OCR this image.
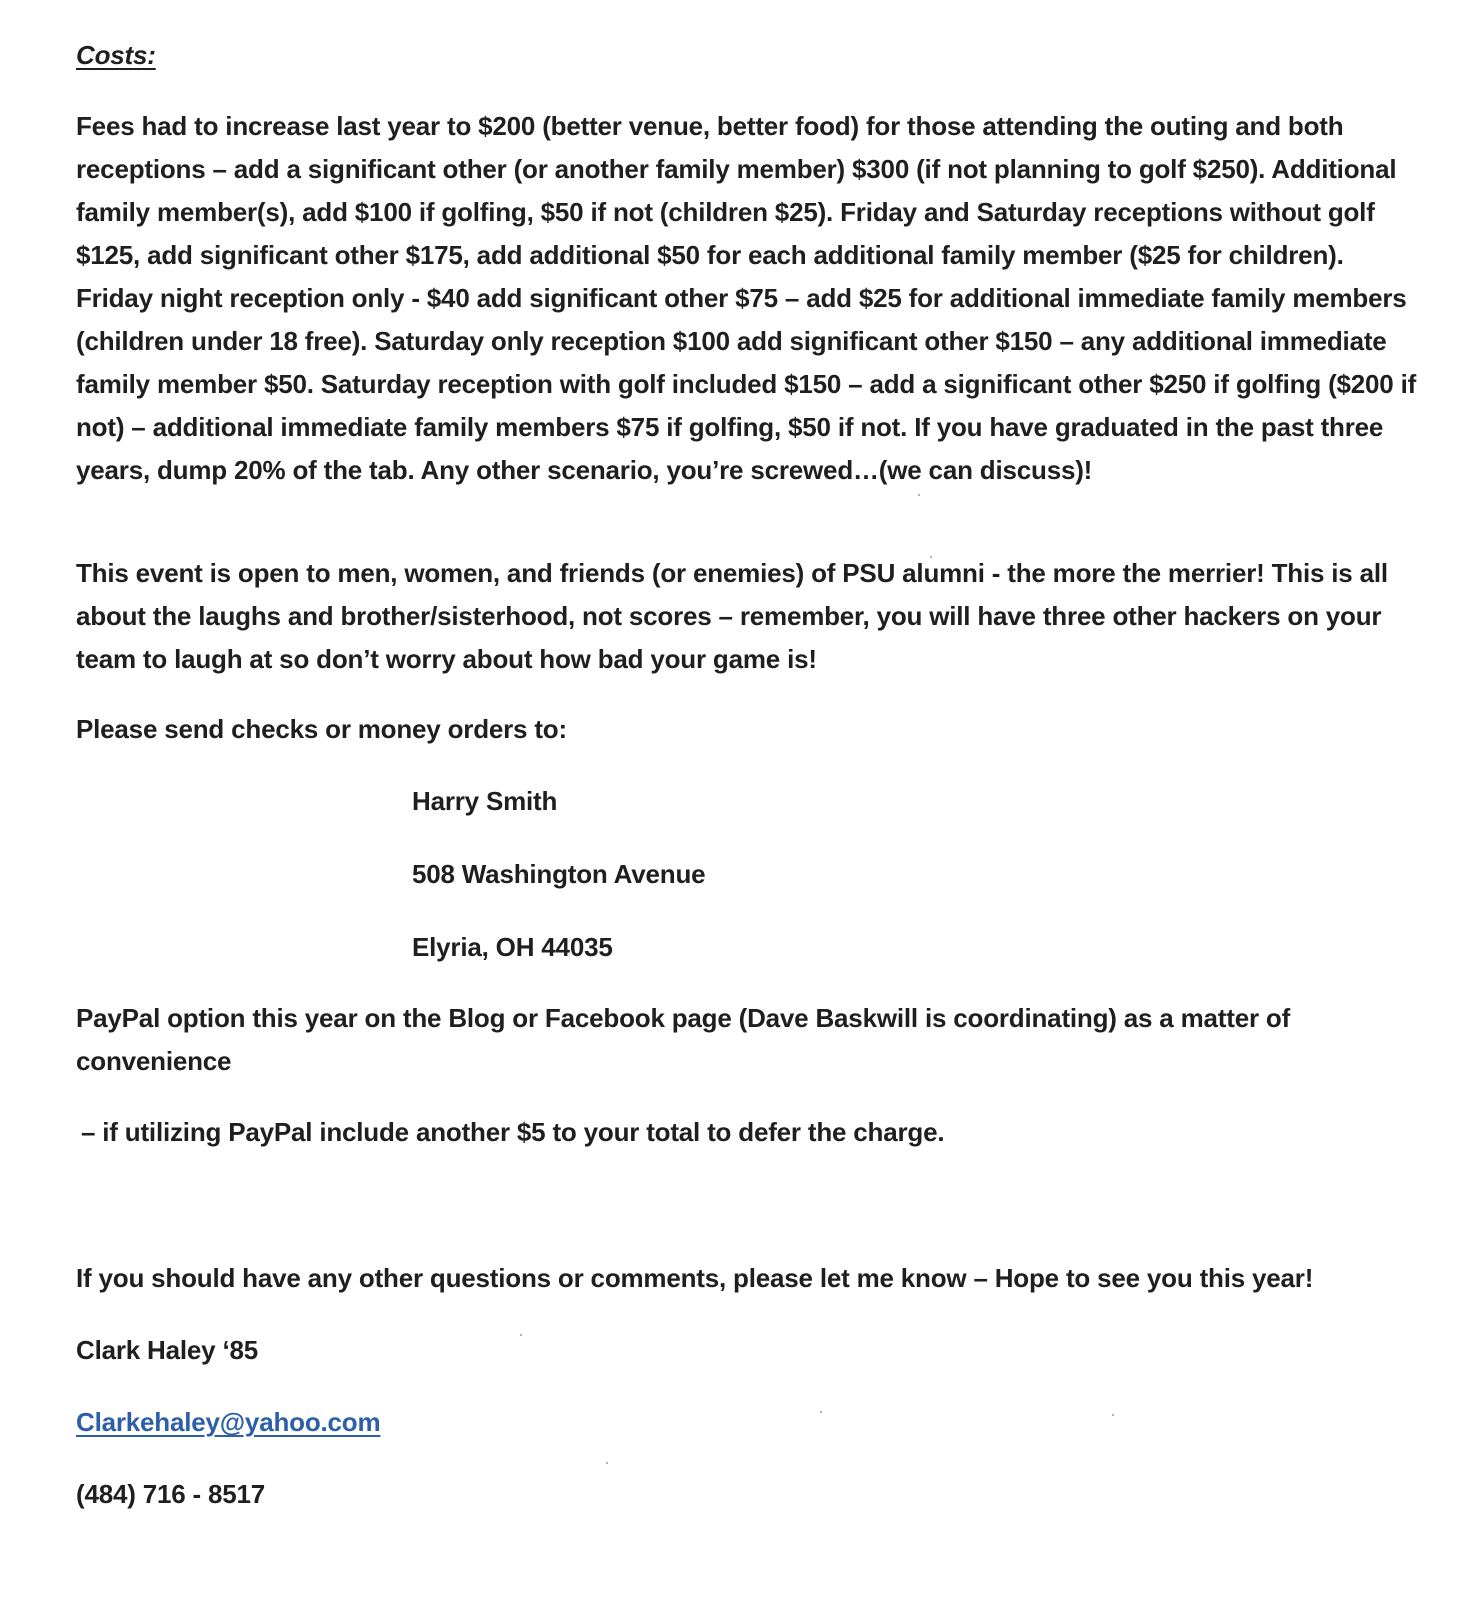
Costs:

Fees had to increase last year to $200 (better venue, better food) for those attending the outing and both receptions – add a significant other (or another family member) $300 (if not planning to golf $250). Additional family member(s), add $100 if golfing, $50 if not (children $25). Friday and Saturday receptions without golf $125, add significant other $175, add additional $50 for each additional family member ($25 for children). Friday night reception only - $40 add significant other $75 – add $25 for additional immediate family members (children under 18 free). Saturday only reception $100 add significant other $150 – any additional immediate family member $50. Saturday reception with golf included $150 – add a significant other $250 if golfing ($200 if not) – additional immediate family members $75 if golfing, $50 if not. If you have graduated in the past three years, dump 20% of the tab. Any other scenario, you’re screwed…(we can discuss)!

This event is open to men, women, and friends (or enemies) of PSU alumni - the more the merrier! This is all about the laughs and brother/sisterhood, not scores – remember, you will have three other hackers on your team to laugh at so don’t worry about how bad your game is!

Please send checks or money orders to:

Harry Smith

508 Washington Avenue

Elyria, OH 44035

PayPal option this year on the Blog or Facebook page (Dave Baskwill is coordinating) as a matter of convenience

– if utilizing PayPal include another $5 to your total to defer the charge.

If you should have any other questions or comments, please let me know – Hope to see you this year!

Clark Haley ‘85

Clarkehaley@yahoo.com

(484) 716 - 8517
